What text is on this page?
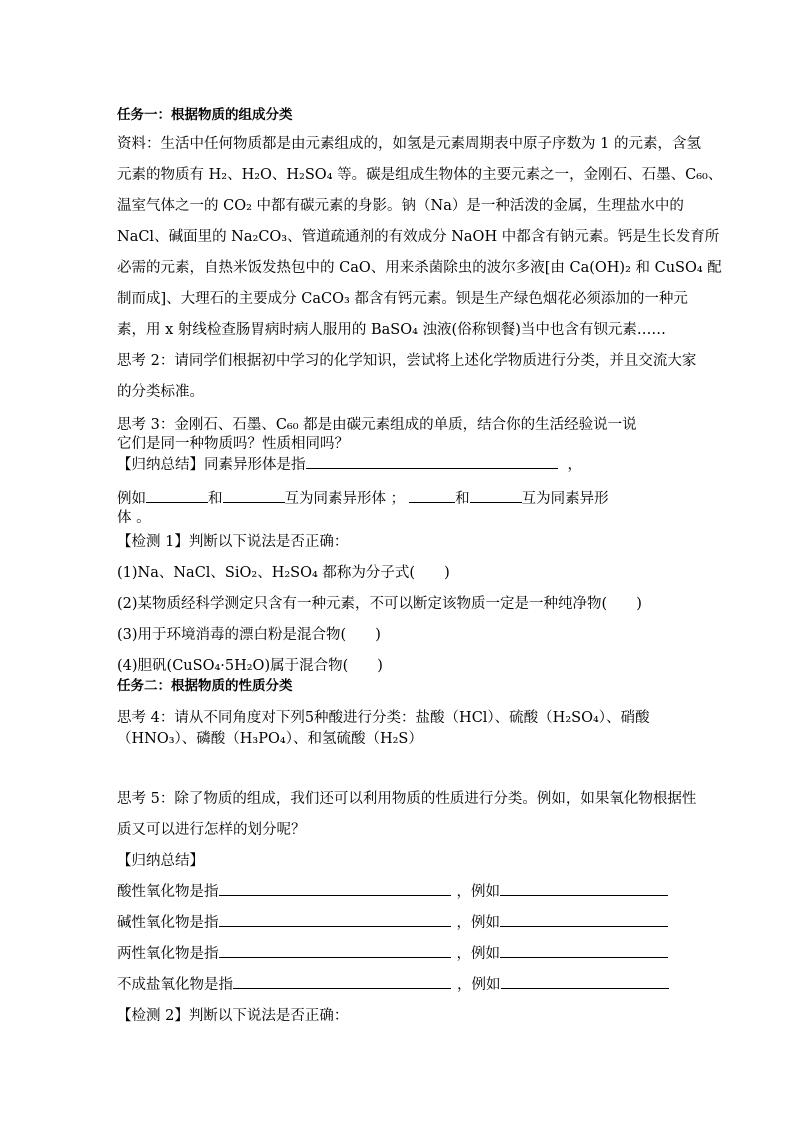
任务一：根据物质的组成分类
资料：生活中任何物质都是由元素组成的，如氢是元素周期表中原子序数为 1 的元素，含氢
元素的物质有 H₂、H₂O、H₂SO₄ 等。碳是组成生物体的主要元素之一，金刚石、石墨、C₆₀、
温室气体之一的 CO₂ 中都有碳元素的身影。钠（Na）是一种活泼的金属，生理盐水中的
NaCl、碱面里的 Na₂CO₃、管道疏通剂的有效成分 NaOH 中都含有钠元素。钙是生长发育所
必需的元素，自热米饭发热包中的 CaO、用来杀菌除虫的波尔多液[由 Ca(OH)₂ 和 CuSO₄ 配
制而成]、大理石的主要成分 CaCO₃ 都含有钙元素。钡是生产绿色烟花必须添加的一种元
素，用 x 射线检查肠胃病时病人服用的 BaSO₄ 浊液(俗称钡餐)当中也含有钡元素……
思考 2：请同学们根据初中学习的化学知识，尝试将上述化学物质进行分类，并且交流大家
的分类标准。
思考 3：金刚石、石墨、C₆₀ 都是由碳元素组成的单质，结合你的生活经验说一说
它们是同一种物质吗？性质相同吗？
【归纳总结】同素异形体是指	，
例如	和	互为同素异形体 ；	和	互为同素异形
体 。
【检测 1】判断以下说法是否正确：
(1)Na、NaCl、SiO₂、H₂SO₄ 都称为分子式(　　)
(2)某物质经科学测定只含有一种元素，不可以断定该物质一定是一种纯净物(　　)
(3)用于环境消毒的漂白粉是混合物(　　)
(4)胆矾(CuSO₄·5H₂O)属于混合物(　　)
任务二：根据物质的性质分类
思考 4：请从不同角度对下列5种酸进行分类：盐酸（HCl）、硫酸（H₂SO₄）、硝酸
（HNO₃）、磷酸（H₃PO₄）、和氢硫酸（H₂S）
思考 5：除了物质的组成，我们还可以利用物质的性质进行分类。例如，如果氧化物根据性
质又可以进行怎样的划分呢？
【归纳总结】
酸性氧化物是指	，例如
碱性氧化物是指	，例如
两性氧化物是指	，例如
不成盐氧化物是指	，例如
【检测 2】判断以下说法是否正确：
